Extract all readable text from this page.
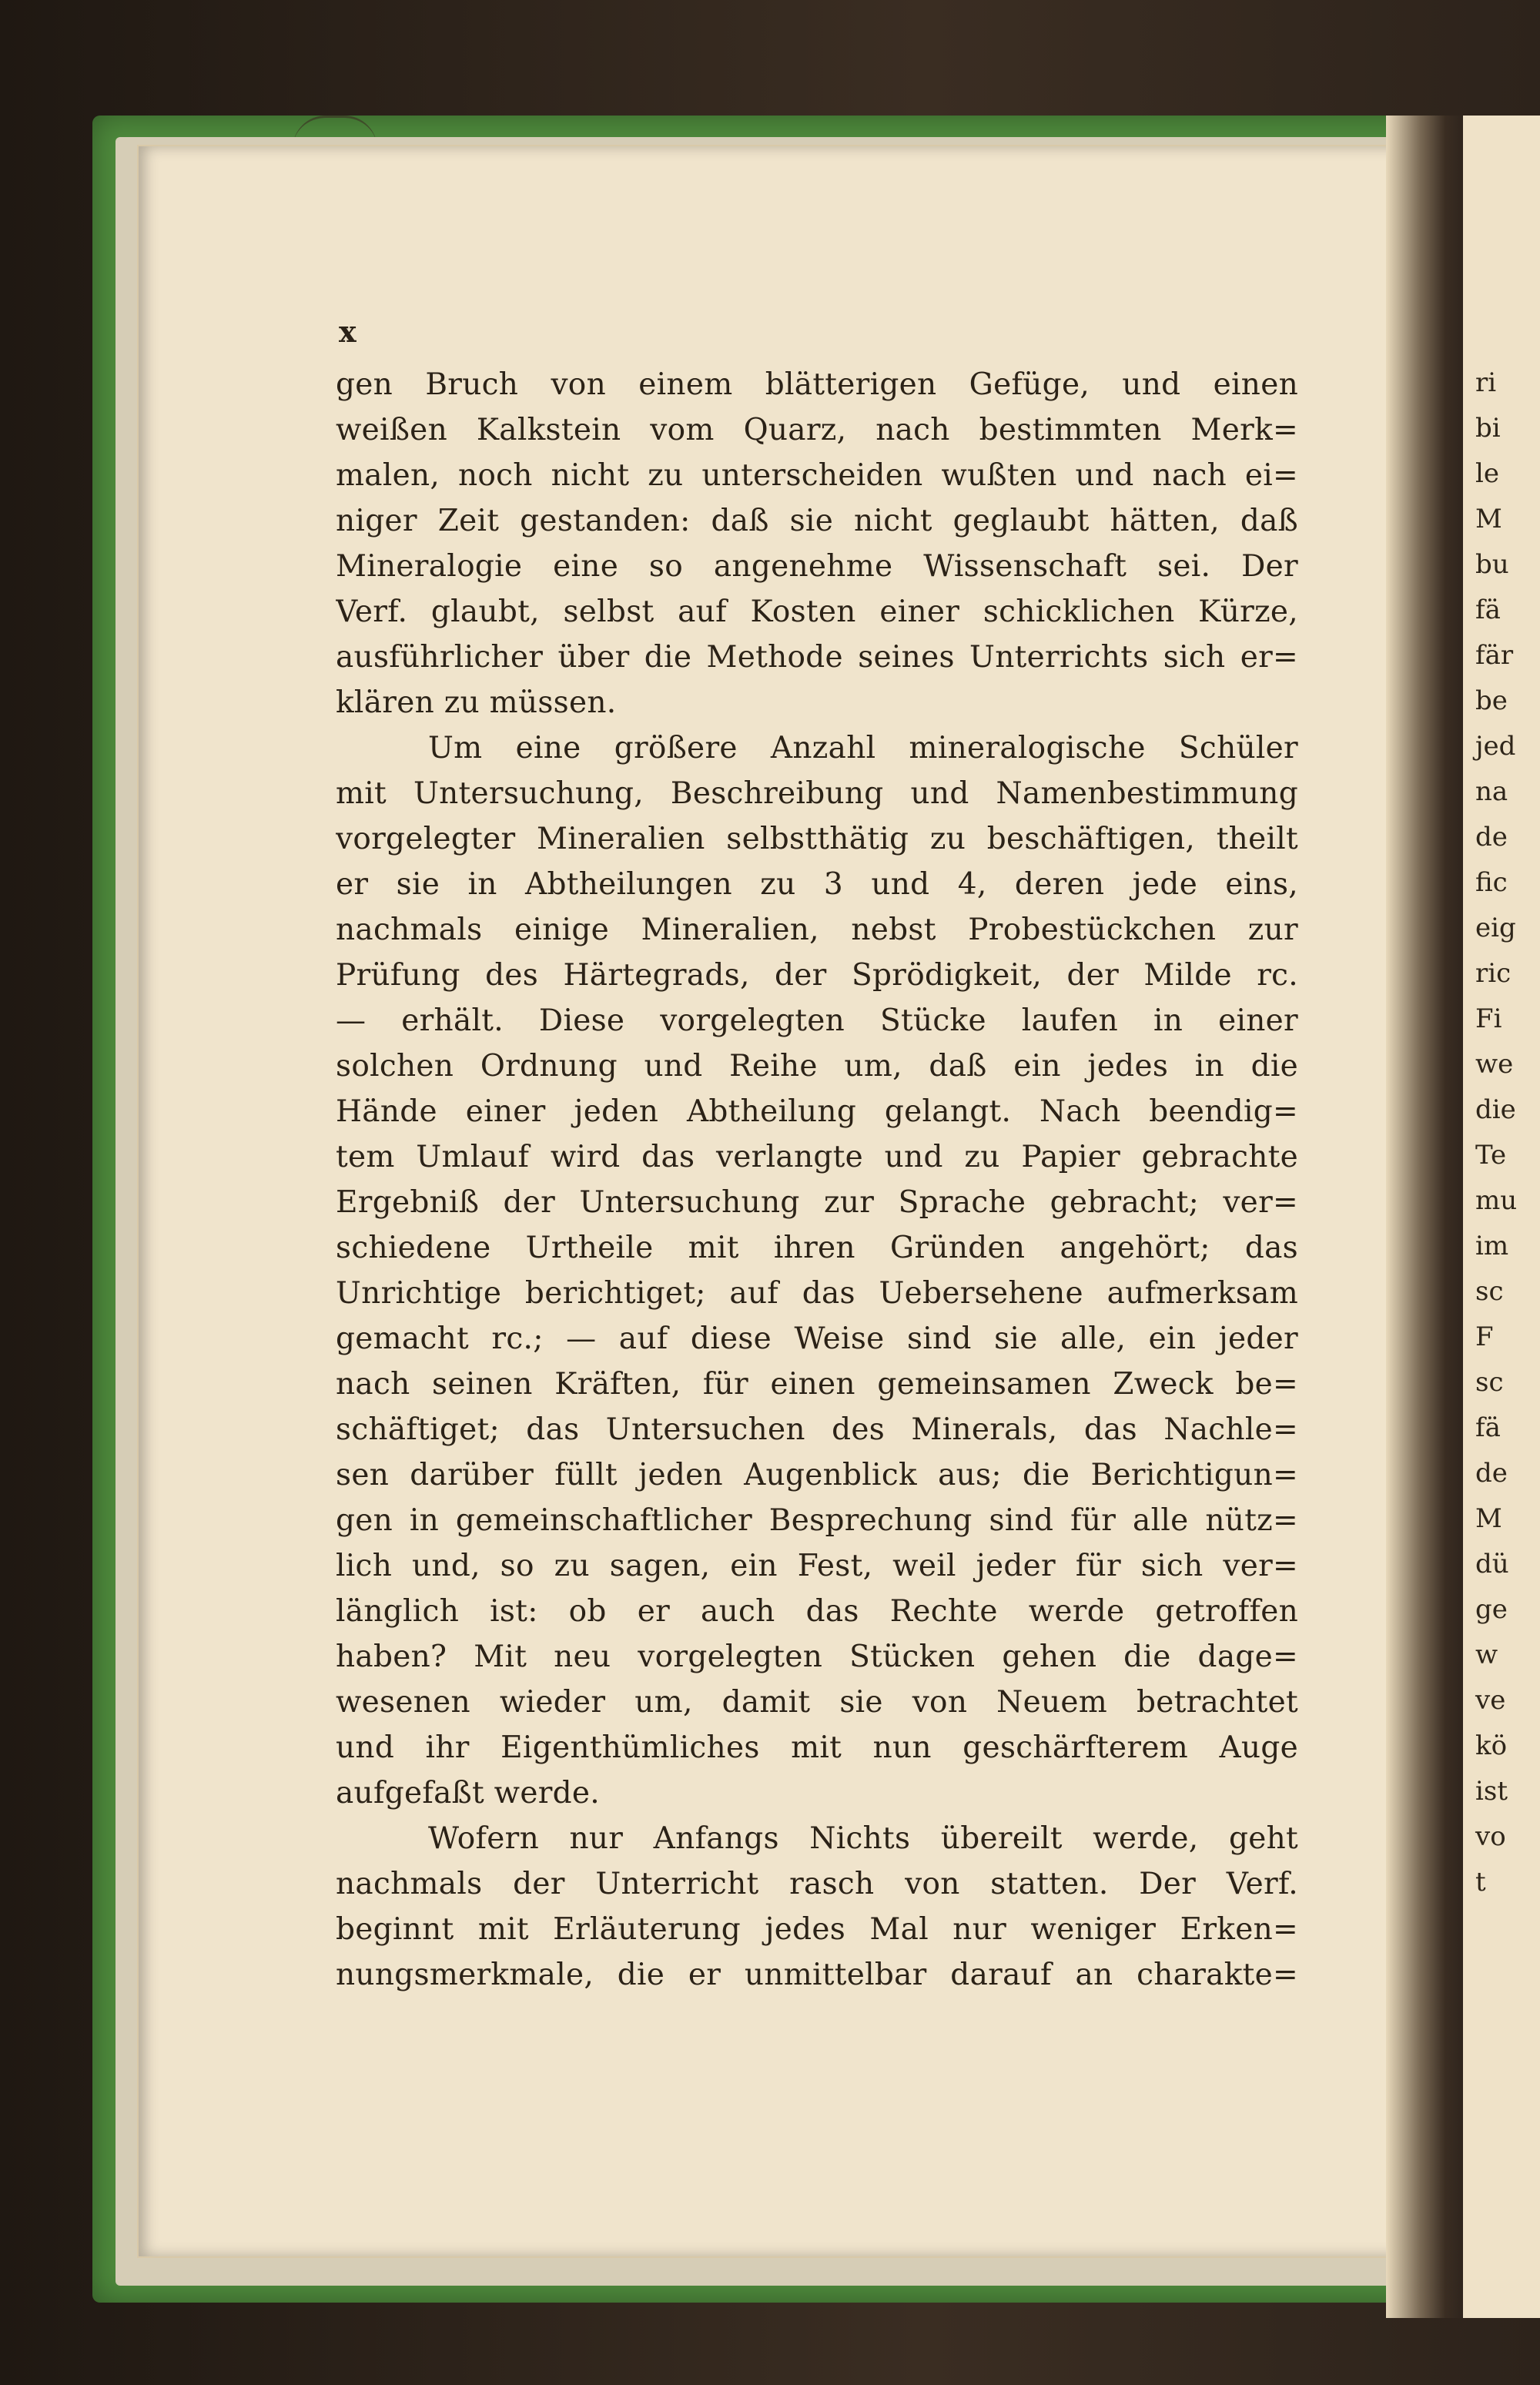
ri
bi
le
M
bu
fä
fär
be
jed
na
de
fic
eig
ric
Fi
we
die
Te
mu
im
sc
F
sc
fä
de
M
dü
ge
w
ve
kö
ist
vo
t
x
gen Bruch von einem blätterigen Gefüge, und einen
weißen Kalkstein vom Quarz, nach bestimmten Merk=
malen, noch nicht zu unterscheiden wußten und nach ei=
niger Zeit gestanden: daß sie nicht geglaubt hätten, daß
Mineralogie eine so angenehme Wissenschaft sei. Der
Verf. glaubt, selbst auf Kosten einer schicklichen Kürze,
ausführlicher über die Methode seines Unterrichts sich er=
klären zu müssen.
Um eine größere Anzahl mineralogische Schüler
mit Untersuchung, Beschreibung und Namenbestimmung
vorgelegter Mineralien selbstthätig zu beschäftigen, theilt
er sie in Abtheilungen zu 3 und 4, deren jede eins,
nachmals einige Mineralien, nebst Probestückchen zur
Prüfung des Härtegrads, der Sprödigkeit, der Milde rc.
— erhält. Diese vorgelegten Stücke laufen in einer
solchen Ordnung und Reihe um, daß ein jedes in die
Hände einer jeden Abtheilung gelangt. Nach beendig=
tem Umlauf wird das verlangte und zu Papier gebrachte
Ergebniß der Untersuchung zur Sprache gebracht; ver=
schiedene Urtheile mit ihren Gründen angehört; das
Unrichtige berichtiget; auf das Uebersehene aufmerksam
gemacht rc.; — auf diese Weise sind sie alle, ein jeder
nach seinen Kräften, für einen gemeinsamen Zweck be=
schäftiget; das Untersuchen des Minerals, das Nachle=
sen darüber füllt jeden Augenblick aus; die Berichtigun=
gen in gemeinschaftlicher Besprechung sind für alle nütz=
lich und, so zu sagen, ein Fest, weil jeder für sich ver=
länglich ist: ob er auch das Rechte werde getroffen
haben? Mit neu vorgelegten Stücken gehen die dage=
wesenen wieder um, damit sie von Neuem betrachtet
und ihr Eigenthümliches mit nun geschärfterem Auge
aufgefaßt werde.
Wofern nur Anfangs Nichts übereilt werde, geht
nachmals der Unterricht rasch von statten. Der Verf.
beginnt mit Erläuterung jedes Mal nur weniger Erken=
nungsmerkmale, die er unmittelbar darauf an charakte=
